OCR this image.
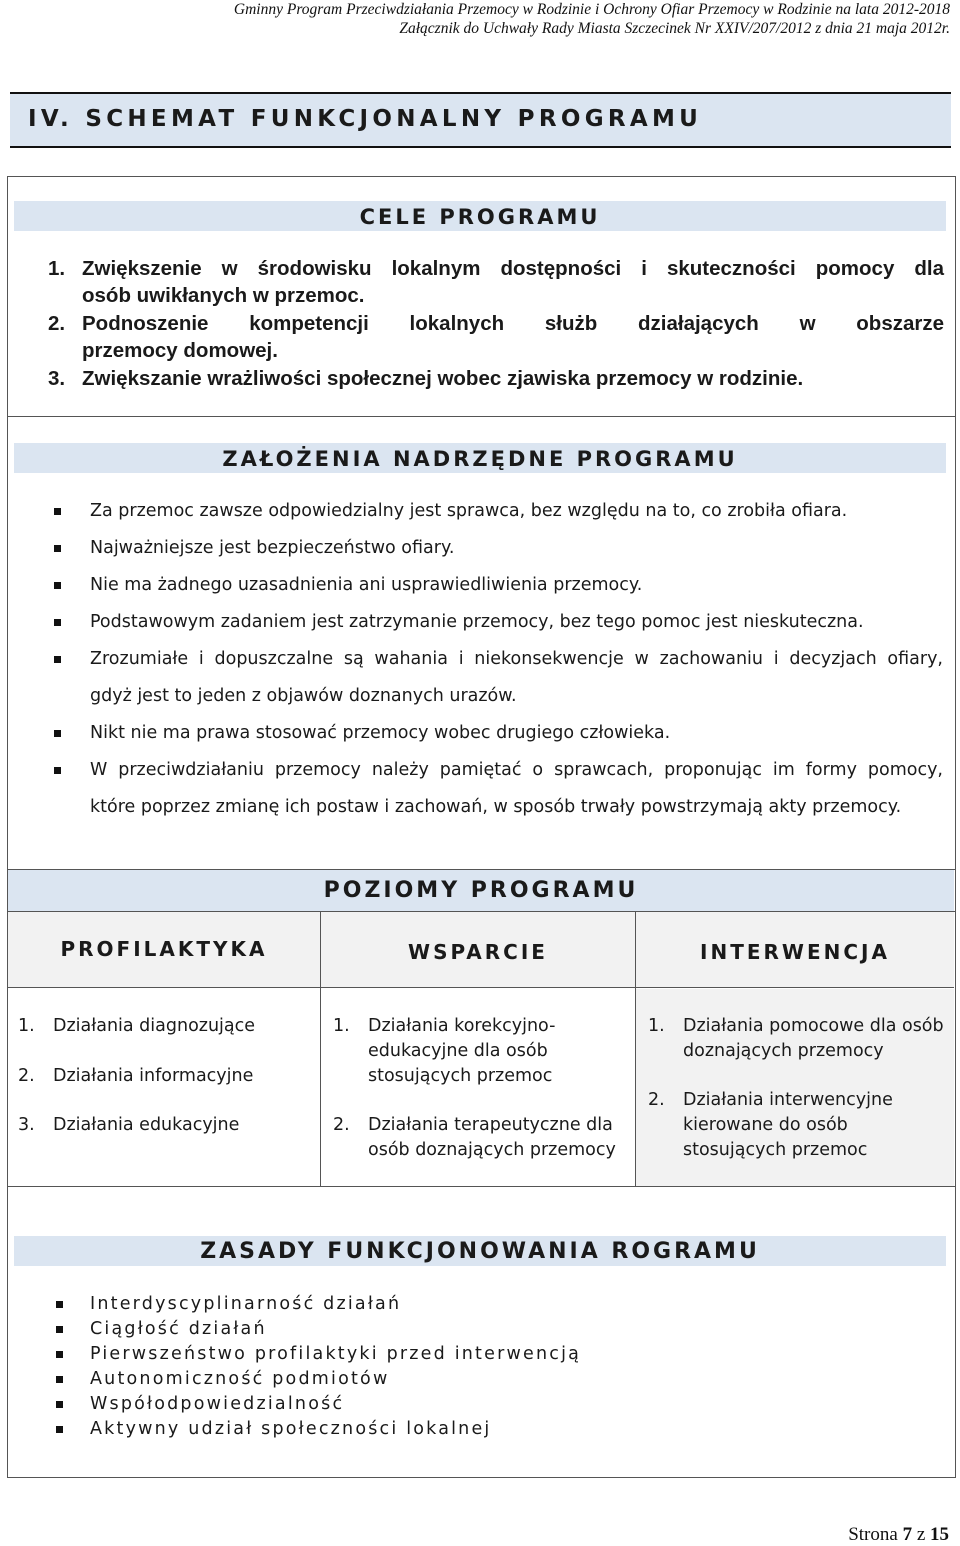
Gminny Program Przeciwdziałania Przemocy w Rodzinie i Ochrony Ofiar Przemocy w Rodzinie na lata 2012-2018
Załącznik do Uchwały Rady Miasta Szczecinek Nr XXIV/207/2012 z dnia 21 maja 2012r.
IV. SCHEMAT FUNKCJONALNY PROGRAMU
CELE PROGRAMU
1. Zwiększenie w środowisku lokalnym dostępności i skuteczności pomocy dla
osób uwikłanych w przemoc.
2. Podnoszenie kompetencji lokalnych służb działających w obszarze
przemocy domowej.
3. Zwiększanie wrażliwości społecznej wobec zjawiska przemocy w rodzinie.
ZAŁOŻENIA NADRZĘDNE PROGRAMU
Za przemoc zawsze odpowiedzialny jest sprawca, bez względu na to, co zrobiła ofiara.
Najważniejsze jest bezpieczeństwo ofiary.
Nie ma żadnego uzasadnienia ani usprawiedliwienia przemocy.
Podstawowym zadaniem jest zatrzymanie przemocy, bez tego pomoc jest nieskuteczna.
Zrozumiałe i dopuszczalne są wahania i niekonsekwencje w zachowaniu i decyzjach ofiary,
gdyż jest to jeden z objawów doznanych urazów.
Nikt nie ma prawa stosować przemocy wobec drugiego człowieka.
W przeciwdziałaniu przemocy należy pamiętać o sprawcach, proponując im formy pomocy,
które poprzez zmianę ich postaw i zachowań, w sposób trwały powstrzymają akty przemocy.
POZIOMY PROGRAMU
PROFILAKTYKA	WSPARCIE	INTERWENCJA
1. Działania diagnozujące
2. Działania informacyjne
3. Działania edukacyjne
1. Działania korekcyjno-edukacyjne dla osób stosujących przemoc
2. Działania terapeutyczne dla osób doznających przemocy
1. Działania pomocowe dla osób doznających przemocy
2. Działania interwencyjne kierowane do osób stosujących przemoc
ZASADY FUNKCJONOWANIA ROGRAMU
Interdyscyplinarność działań
Ciągłość działań
Pierwszeństwo profilaktyki przed interwencją
Autonomiczność podmiotów
Współodpowiedzialność
Aktywny udział społeczności lokalnej
Strona 7 z 15
